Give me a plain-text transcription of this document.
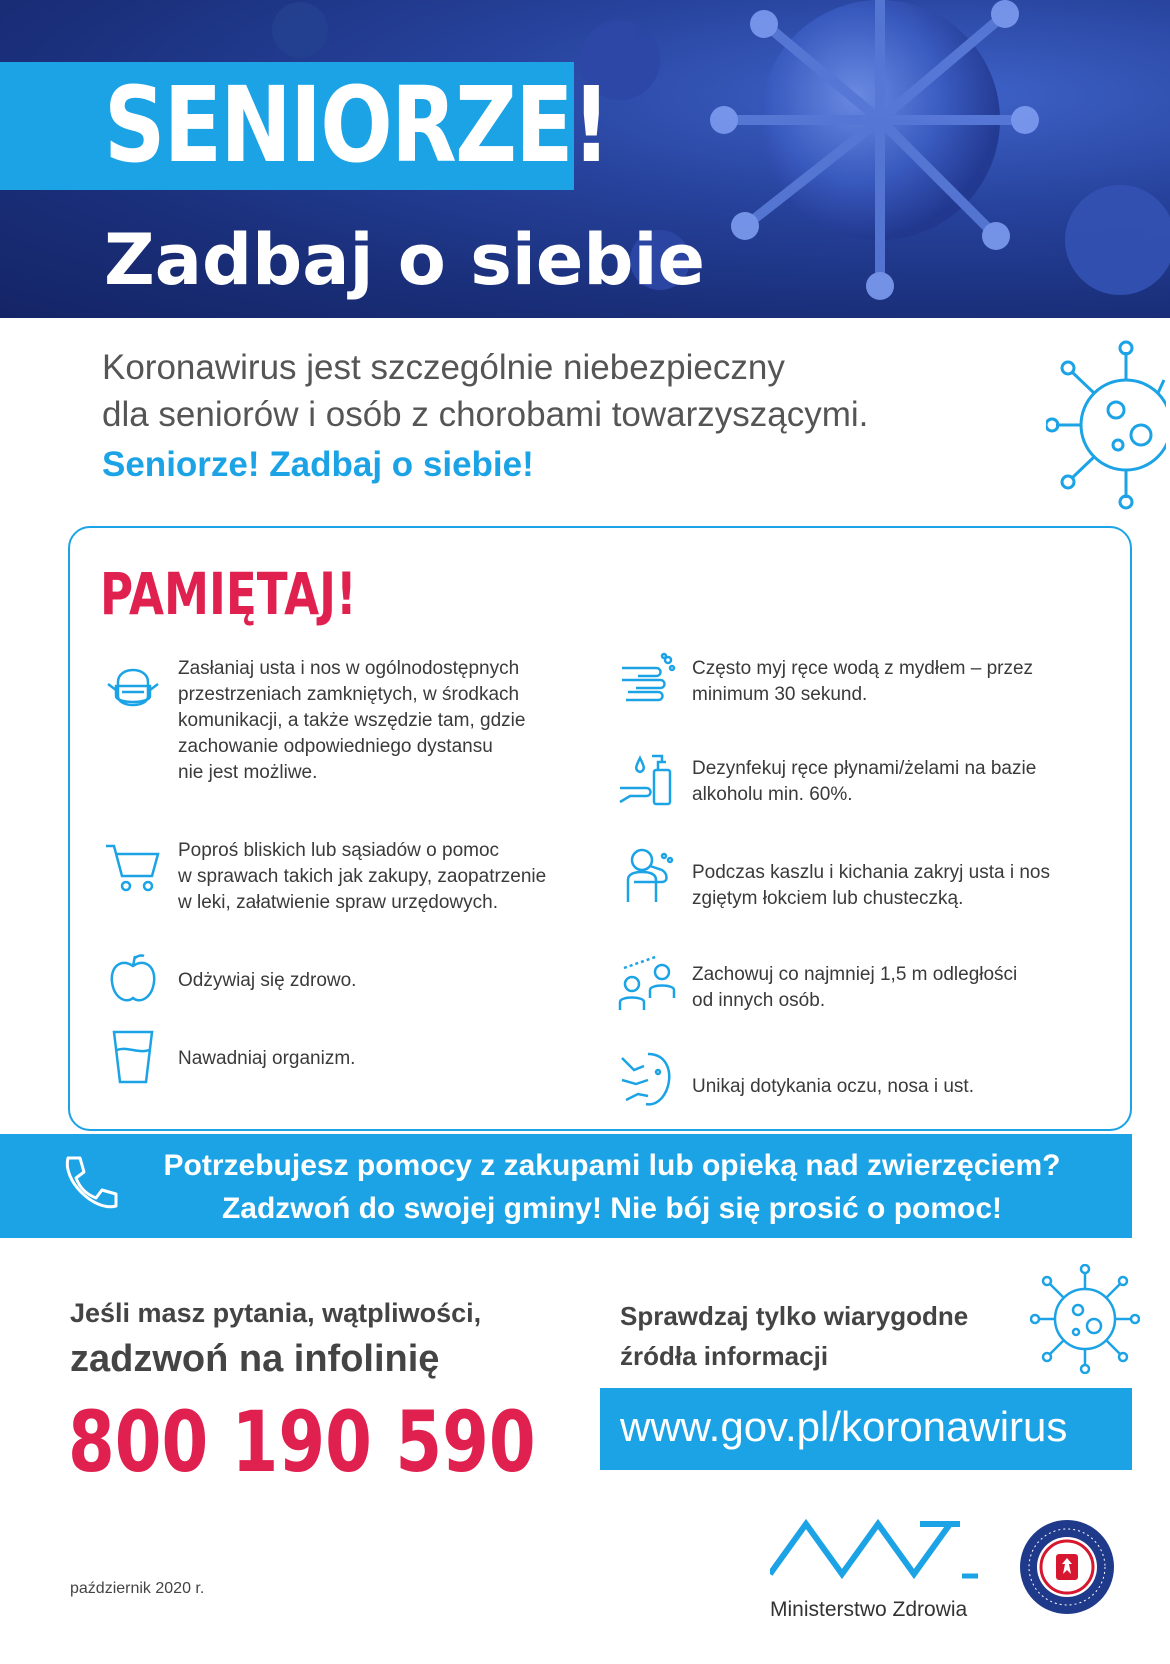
SENIORZE!
Zadbaj o siebie
Koronawirus jest szczególnie niebezpieczny
dla seniorów i osób z chorobami towarzyszącymi.
Seniorze! Zadbaj o siebie!
PAMIĘTAJ!
Zasłaniaj usta i nos w ogólnodostępnych
przestrzeniach zamkniętych, w środkach
komunikacji, a także wszędzie tam, gdzie
zachowanie odpowiedniego dystansu
nie jest możliwe.
Poproś bliskich lub sąsiadów o pomoc
w sprawach takich jak zakupy, zaopatrzenie
w leki, załatwienie spraw urzędowych.
Odżywiaj się zdrowo.
Nawadniaj organizm.
Często myj ręce wodą z mydłem – przez
minimum 30 sekund.
Dezynfekuj ręce płynami/żelami na bazie
alkoholu min. 60%.
Podczas kaszlu i kichania zakryj usta i nos
zgiętym łokciem lub chusteczką.
Zachowuj co najmniej 1,5 m odległości
od innych osób.
Unikaj dotykania oczu, nosa i ust.
Potrzebujesz pomocy z zakupami lub opieką nad zwierzęciem?
Zadzwoń do swojej gminy! Nie bój się prosić o pomoc!
Jeśli masz pytania, wątpliwości,
zadzwoń na infolinię
800 190 590
Sprawdzaj tylko wiarygodne
źródła informacji
www.gov.pl/koronawirus
październik 2020 r.
Ministerstwo Zdrowia
